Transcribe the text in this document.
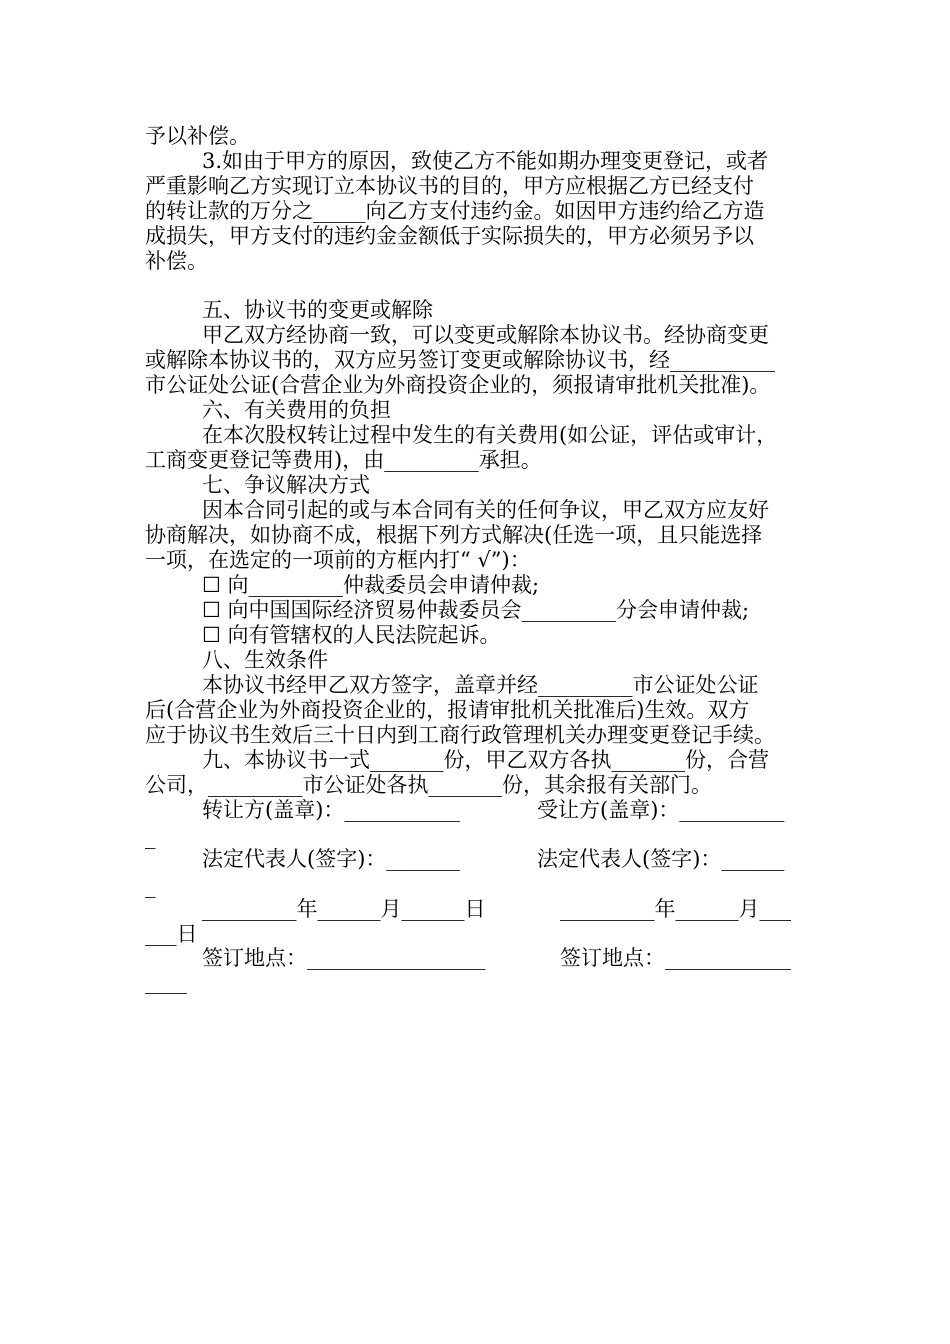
予以补偿。
3.如由于甲方的原因，致使乙方不能如期办理变更登记，或者
严重影响乙方实现订立本协议书的目的，甲方应根据乙方已经支付
的转让款的万分之_____向乙方支付违约金。如因甲方违约给乙方造
成损失，甲方支付的违约金金额低于实际损失的，甲方必须另予以
补偿。
五、协议书的变更或解除
甲乙双方经协商一致，可以变更或解除本协议书。经协商变更
或解除本协议书的，双方应另签订变更或解除协议书，经__________
市公证处公证(合营企业为外商投资企业的，须报请审批机关批准)。
六、有关费用的负担
在本次股权转让过程中发生的有关费用(如公证，评估或审计，
工商变更登记等费用)，由_________承担。
七、争议解决方式
因本合同引起的或与本合同有关的任何争议，甲乙双方应友好
协商解决，如协商不成，根据下列方式解决(任选一项，且只能选择
一项，在选定的一项前的方框内打“ √”)：
☐ 向_________仲裁委员会申请仲裁;
☐ 向中国国际经济贸易仲裁委员会_________分会申请仲裁;
☐ 向有管辖权的人民法院起诉。
八、生效条件
本协议书经甲乙双方签字，盖章并经_________市公证处公证
后(合营企业为外商投资企业的，报请审批机关批准后)生效。双方
应于协议书生效后三十日内到工商行政管理机关办理变更登记手续。
九、本协议书一式_______份，甲乙双方各执_______份，合营
公司，_________市公证处各执_______份，其余报有关部门。
转让方(盖章)：___________	受让方(盖章)：__________
_
法定代表人(签字)：_______	法定代表人(签字)：______
_
_________年______月______日	_________年______月___
___日
签订地点：_________________	签订地点：____________
____
